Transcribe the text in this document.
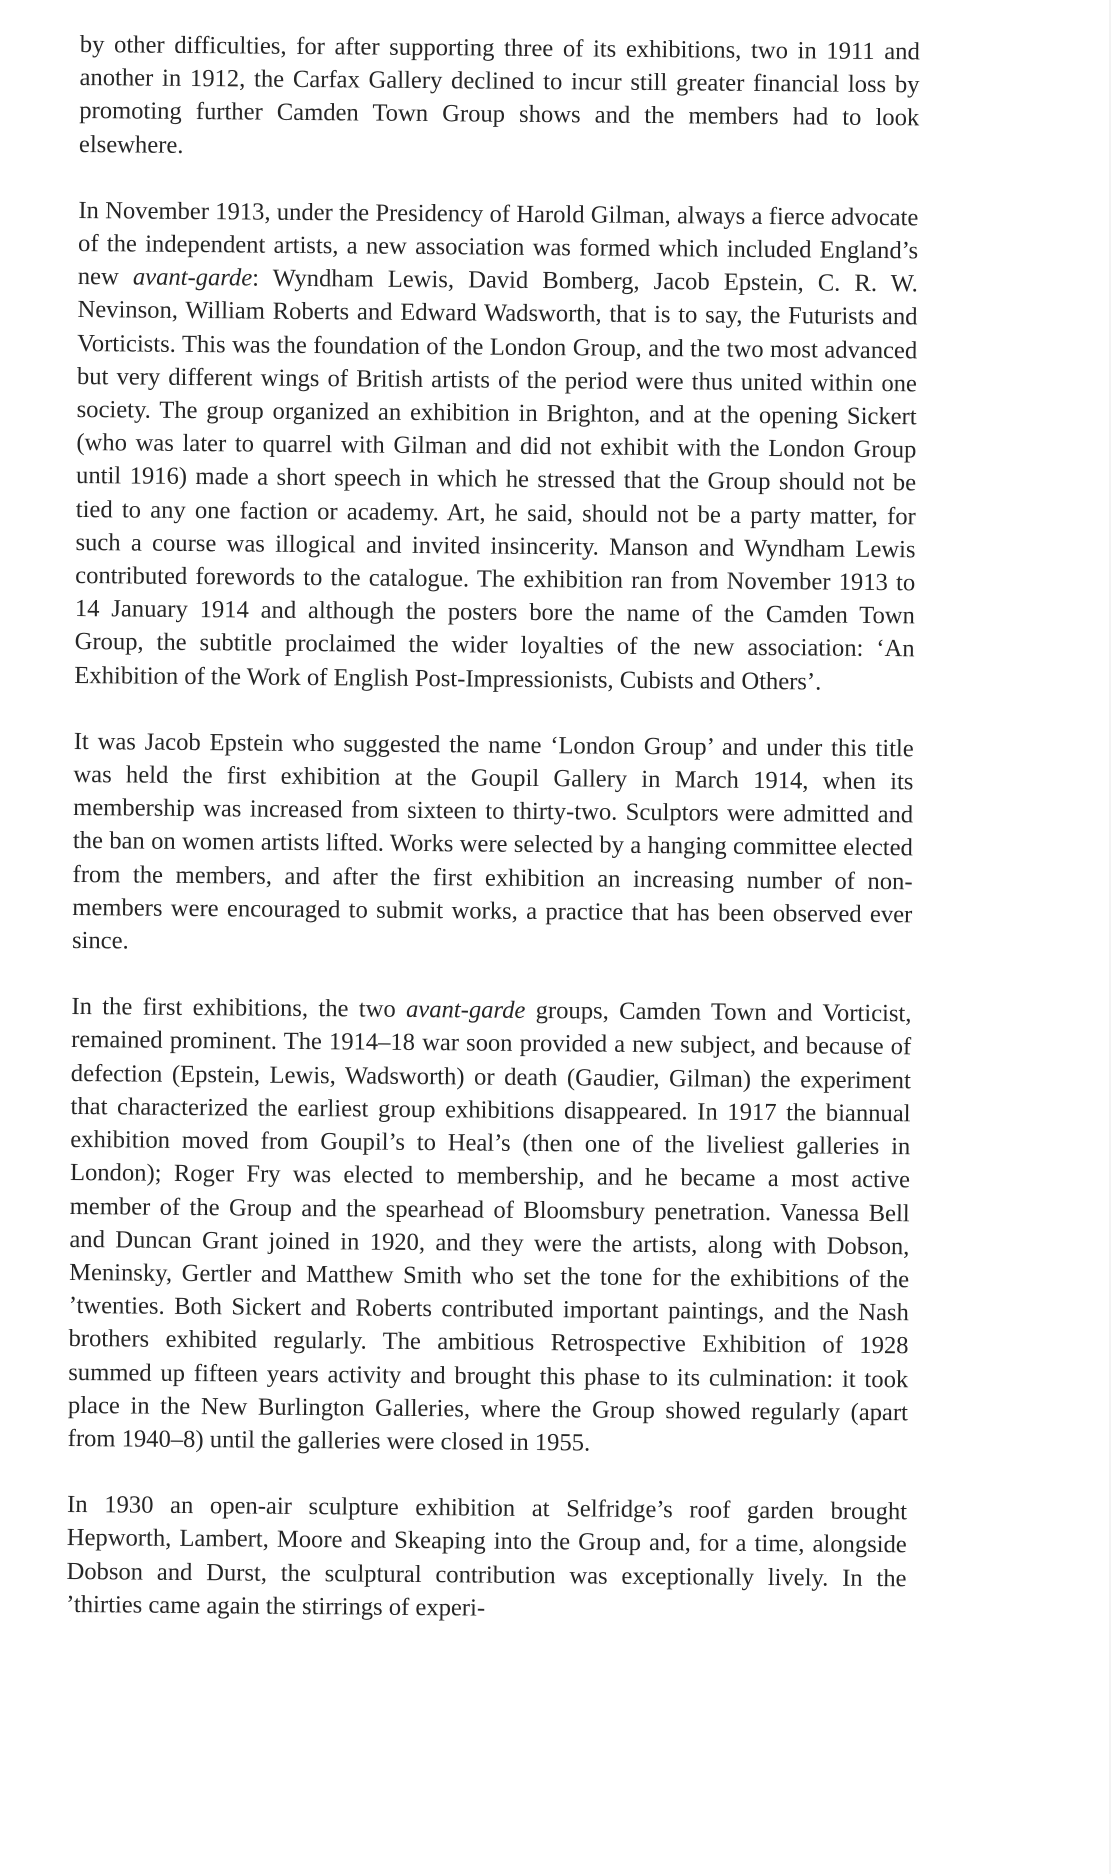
by other difficulties, for after supporting three of its exhibitions, two in 1911 and another in 1912, the Carfax Gallery declined to incur still greater financial loss by promoting further Camden Town Group shows and the members had to look elsewhere.

In November 1913, under the Presidency of Harold Gilman, always a fierce advocate of the independent artists, a new association was formed which included England’s new avant-garde: Wyndham Lewis, David Bomberg, Jacob Epstein, C. R. W. Nevinson, William Roberts and Edward Wadsworth, that is to say, the Futurists and Vorticists. This was the foundation of the London Group, and the two most advanced but very different wings of British artists of the period were thus united within one society. The group organized an exhibition in Brighton, and at the opening Sickert (who was later to quarrel with Gilman and did not exhibit with the London Group until 1916) made a short speech in which he stressed that the Group should not be tied to any one faction or academy. Art, he said, should not be a party matter, for such a course was illogical and invited insincerity. Manson and Wyndham Lewis contributed forewords to the catalogue. The exhibition ran from November 1913 to 14 January 1914 and although the posters bore the name of the Camden Town Group, the subtitle proclaimed the wider loyalties of the new association: ‘An Exhibition of the Work of English Post-Impressionists, Cubists and Others’.

It was Jacob Epstein who suggested the name ‘London Group’ and under this title was held the first exhibition at the Goupil Gallery in March 1914, when its membership was increased from sixteen to thirty-two. Sculptors were admitted and the ban on women artists lifted. Works were selected by a hanging committee elected from the members, and after the first exhibition an increasing number of non-members were encouraged to submit works, a practice that has been observed ever since.

In the first exhibitions, the two avant-garde groups, Camden Town and Vorticist, remained prominent. The 1914–18 war soon provided a new subject, and because of defection (Epstein, Lewis, Wadsworth) or death (Gaudier, Gilman) the experiment that characterized the earliest group exhibitions disappeared. In 1917 the biannual exhibition moved from Goupil’s to Heal’s (then one of the liveliest galleries in London); Roger Fry was elected to membership, and he became a most active member of the Group and the spearhead of Bloomsbury penetration. Vanessa Bell and Duncan Grant joined in 1920, and they were the artists, along with Dobson, Meninsky, Gertler and Matthew Smith who set the tone for the exhibitions of the ’twenties. Both Sickert and Roberts contributed important paintings, and the Nash brothers exhibited regularly. The ambitious Retrospective Exhibition of 1928 summed up fifteen years activity and brought this phase to its culmination: it took place in the New Burlington Galleries, where the Group showed regularly (apart from 1940–8) until the galleries were closed in 1955.

In 1930 an open-air sculpture exhibition at Selfridge’s roof garden brought Hepworth, Lambert, Moore and Skeaping into the Group and, for a time, alongside Dobson and Durst, the sculptural contribution was exceptionally lively. In the ’thirties came again the stirrings of experi-
